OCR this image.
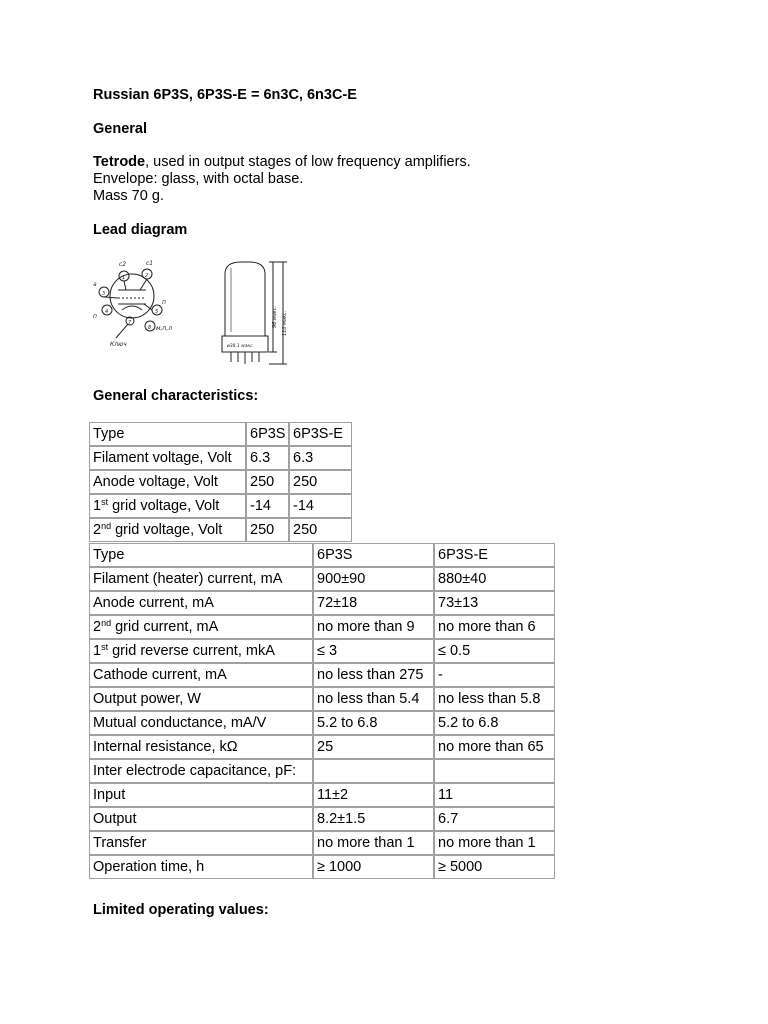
Russian 6P3S, 6P3S-E = 6n3C, 6n3C-E
General
Tetrode, used in output stages of low frequency amplifiers.
Envelope: glass, with octal base.
Mass 70 g.
Lead diagram
с2	с1
а
п
п
м,п,л
1	2
3
4	5
7
8
Ключ
96 макс. 110 макс.
ø38,1 макс.
General characteristics:
Type	6P3S	6P3S-E
Filament voltage, Volt	6.3	6.3
Anode voltage, Volt	250	250
1st grid voltage, Volt	-14	-14
2nd grid voltage, Volt	250	250
Type	6P3S	6P3S-E
Filament (heater) current, mA	900±90	880±40
Anode current, mA	72±18	73±13
2nd grid current, mA	no more than 9	no more than 6
1st grid reverse current, mkA	≤ 3	≤ 0.5
Cathode current, mA	no less than 275	-
Output power, W	no less than 5.4	no less than 5.8
Mutual conductance, mA/V	5.2 to 6.8	5.2 to 6.8
Internal resistance, kΩ	25	no more than 65
Inter electrode capacitance, pF:		
Input	11±2	11
Output	8.2±1.5	6.7
Transfer	no more than 1	no more than 1
Operation time, h	≥ 1000	≥ 5000
Limited operating values:
